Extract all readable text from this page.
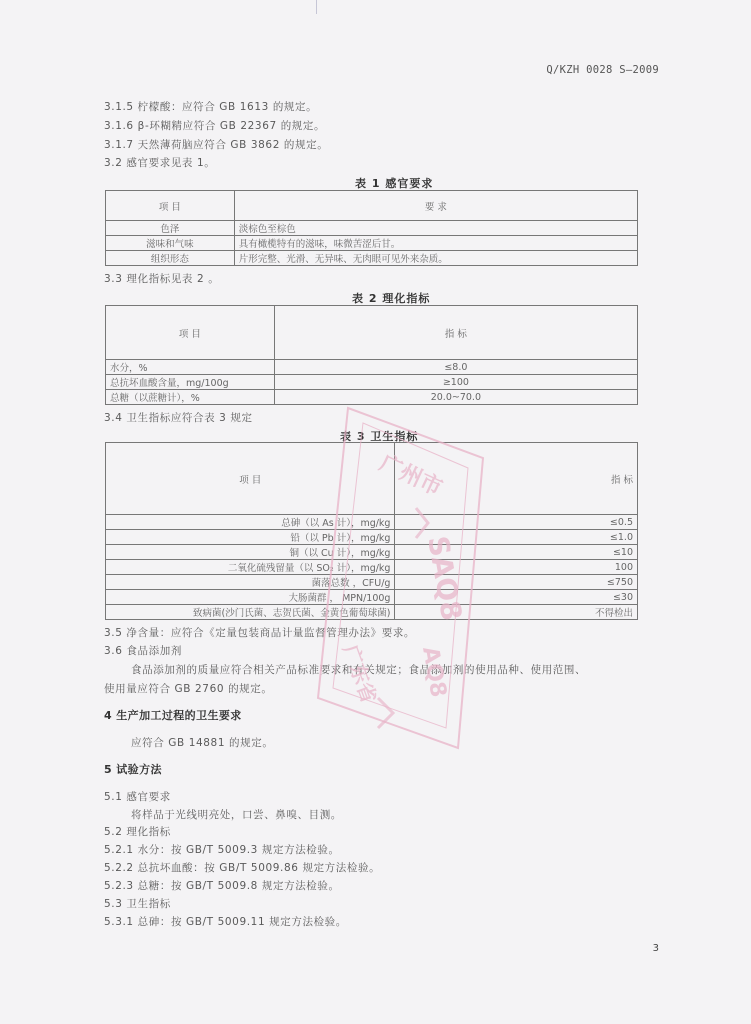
Q/KZH 0028 S—2009
3.1.5 柠檬酸：应符合 GB 1613 的规定。
3.1.6 β-环糊精应符合 GB 22367 的规定。
3.1.7 天然薄荷脑应符合 GB 3862 的规定。
3.2 感官要求见表 1。
表 1 感官要求
项 目	要 求
色泽	淡棕色至棕色
滋味和气味	具有橄榄特有的滋味，味微苦涩后甘。
组织形态	片形完整、光滑、无异味、无肉眼可见外来杂质。
3.3 理化指标见表 2 。
表 2 理化指标
项 目	指 标
水分，%	≤8.0
总抗坏血酸含量，mg/100g	≥100
总糖（以蔗糖计），%	20.0~70.0
3.4 卫生指标应符合表 3 规定
表 3 卫生指标
项 目	指 标
总砷（以 As 计），mg/kg	≤0.5
铅（以 Pb 计），mg/kg	≤1.0
铜（以 Cu 计），mg/kg	≤10
二氧化硫残留量（以 SO₂ 计），mg/kg	100
菌落总数 ，CFU/g	≤750
大肠菌群 ， MPN/100g	≤30
致病菌(沙门氏菌、志贺氏菌、金黄色葡萄球菌)	不得检出
3.5 净含量：应符合《定量包装商品计量监督管理办法》要求。
3.6 食品添加剂
食品添加剂的质量应符合相关产品标准要求和有关规定；食品添加剂的使用品种、使用范围、
使用量应符合 GB 2760 的规定。
4 生产加工过程的卫生要求
应符合 GB 14881 的规定。
5 试验方法
5.1 感官要求
将样品于光线明亮处，口尝、鼻嗅、目测。
5.2 理化指标
5.2.1 水分：按 GB/T 5009.3 规定方法检验。
5.2.2 总抗坏血酸：按 GB/T 5009.86 规定方法检验。
5.2.3 总糖：按 GB/T 5009.8 规定方法检验。
5.3 卫生指标
5.3.1 总砷：按 GB/T 5009.11 规定方法检验。
3
广州市
SAQ8
AQ8
广东省
